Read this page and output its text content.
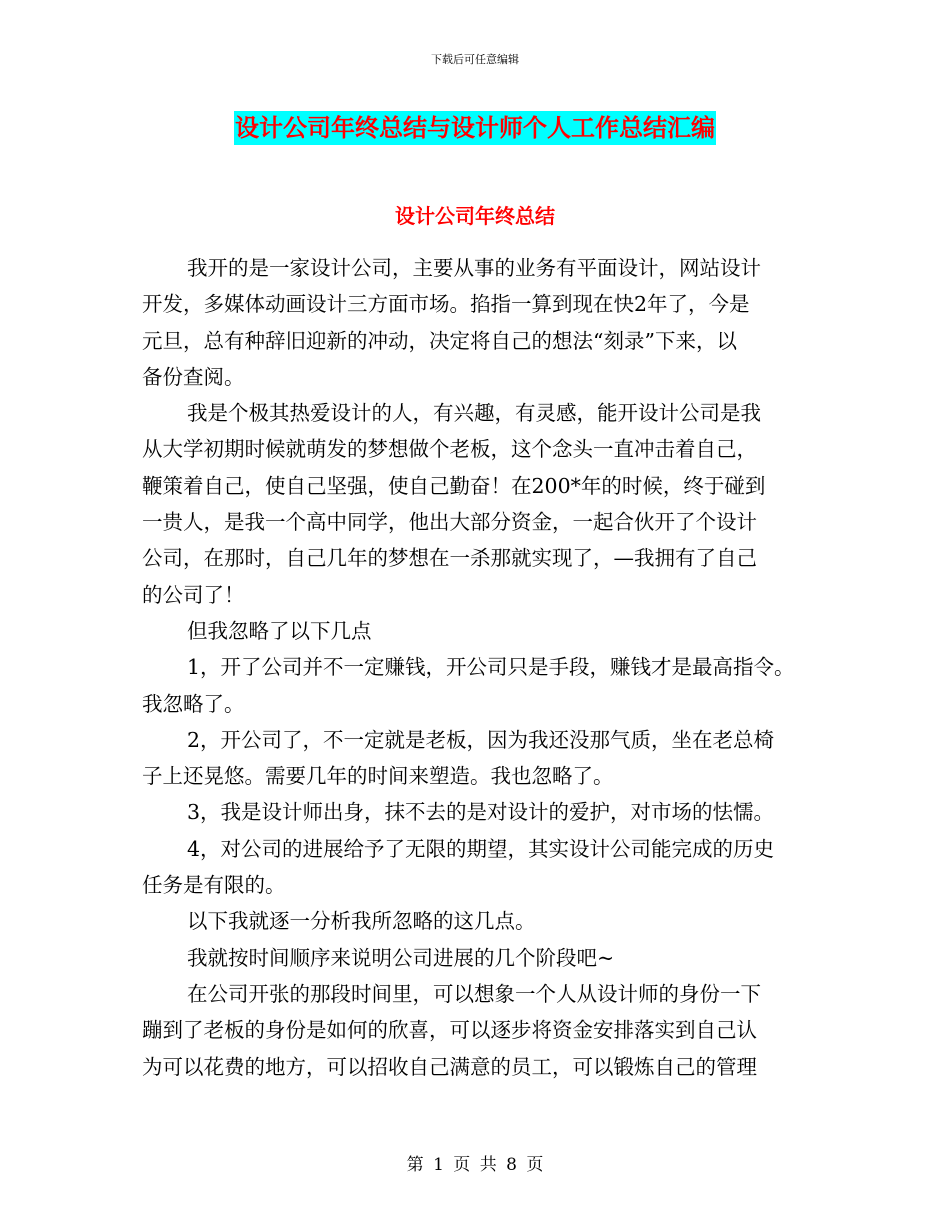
下载后可任意编辑
设计公司年终总结与设计师个人工作总结汇编
设计公司年终总结
我开的是一家设计公司，主要从事的业务有平面设计，网站设计
开发，多媒体动画设计三方面市场。掐指一算到现在快2年了，今是
元旦，总有种辞旧迎新的冲动，决定将自己的想法“刻录”下来，以
备份查阅。
我是个极其热爱设计的人，有兴趣，有灵感，能开设计公司是我
从大学初期时候就萌发的梦想做个老板，这个念头一直冲击着自己，
鞭策着自己，使自己坚强，使自己勤奋！在200*年的时候，终于碰到
一贵人，是我一个高中同学，他出大部分资金，一起合伙开了个设计
公司，在那时，自己几年的梦想在一杀那就实现了，—我拥有了自己
的公司了！
但我忽略了以下几点
1，开了公司并不一定赚钱，开公司只是手段，赚钱才是最高指令。
我忽略了。
2，开公司了，不一定就是老板，因为我还没那气质，坐在老总椅
子上还晃悠。需要几年的时间来塑造。我也忽略了。
3，我是设计师出身，抹不去的是对设计的爱护，对市场的怯懦。
4，对公司的进展给予了无限的期望，其实设计公司能完成的历史
任务是有限的。
以下我就逐一分析我所忽略的这几点。
我就按时间顺序来说明公司进展的几个阶段吧~
在公司开张的那段时间里，可以想象一个人从设计师的身份一下
蹦到了老板的身份是如何的欣喜，可以逐步将资金安排落实到自己认
为可以花费的地方，可以招收自己满意的员工，可以锻炼自己的管理
第 1 页 共 8 页
